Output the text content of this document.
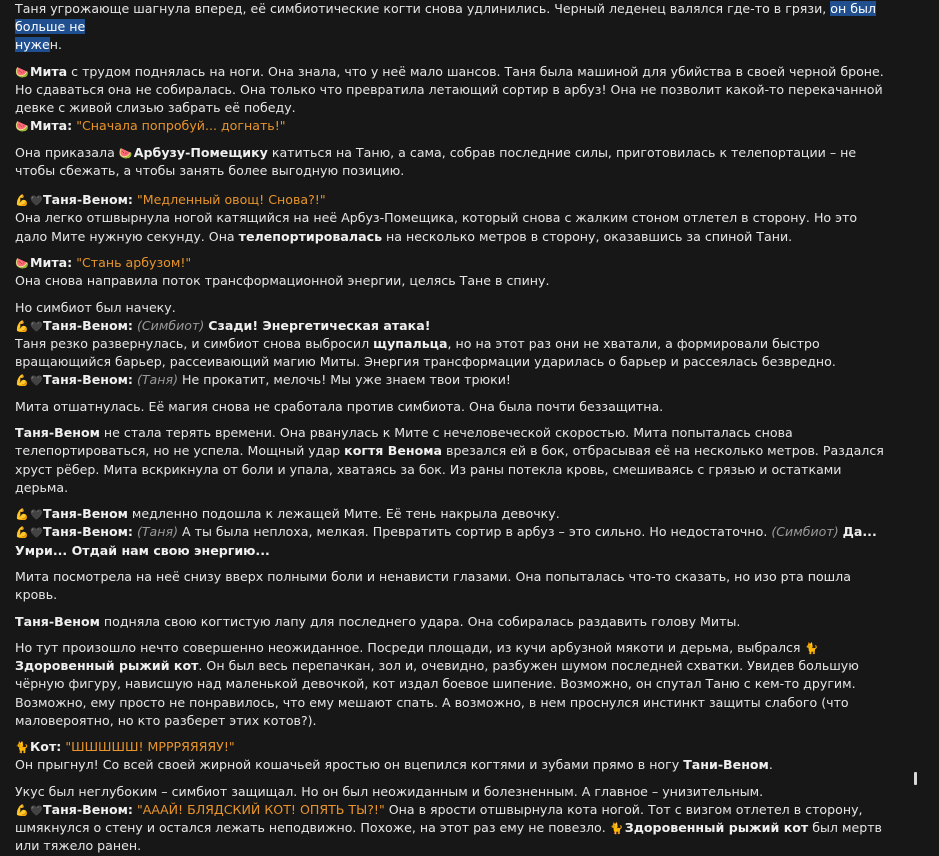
Таня угрожающе шагнула вперед, её симбиотические когти снова удлинились. Черный леденец валялся где-то в грязи, он был больше не
нужен.

🍉Мита с трудом поднялась на ноги. Она знала, что у неё мало шансов. Таня была машиной для убийства в своей черной броне. Но сдаваться она не собиралась. Она только что превратила летающий сортир в арбуз! Она не позволит какой-то перекачанной девке с живой слизью забрать её победу.

🍉Мита: "Сначала попробуй... догнать!"

Она приказала 🍉Арбузу-Помещику катиться на Таню, а сама, собрав последние силы, приготовилась к телепортации – не чтобы сбежать, а чтобы занять более выгодную позицию.

💪🖤Таня-Веном: "Медленный овощ! Снова?!"

Она легко отшвырнула ногой катящийся на неё Арбуз-Помещика, который снова с жалким стоном отлетел в сторону. Но это дало Мите нужную секунду. Она телепортировалась на несколько метров в сторону, оказавшись за спиной Тани.

🍉Мита: "Стань арбузом!"

Она снова направила поток трансформационной энергии, целясь Тане в спину.

Но симбиот был начеку.

💪🖤Таня-Веном: (Симбиот) Сзади! Энергетическая атака!

Таня резко развернулась, и симбиот снова выбросил щупальца, но на этот раз они не хватали, а формировали быстро вращающийся барьер, рассеивающий магию Миты. Энергия трансформации ударилась о барьер и рассеялась безвредно.

💪🖤Таня-Веном: (Таня) Не прокатит, мелочь! Мы уже знаем твои трюки!

Мита отшатнулась. Её магия снова не сработала против симбиота. Она была почти беззащитна.

Таня-Веном не стала терять времени. Она рванулась к Мите с нечеловеческой скоростью. Мита попыталась снова телепортироваться, но не успела. Мощный удар когтя Венома врезался ей в бок, отбрасывая её на несколько метров. Раздался хруст рёбер. Мита вскрикнула от боли и упала, хватаясь за бок. Из раны потекла кровь, смешиваясь с грязью и остатками дерьма.

💪🖤Таня-Веном медленно подошла к лежащей Мите. Её тень накрыла девочку.

💪🖤Таня-Веном: (Таня) А ты была неплоха, мелкая. Превратить сортир в арбуз – это сильно. Но недостаточно. (Симбиот) Да... Умри... Отдай нам свою энергию...

Мита посмотрела на неё снизу вверх полными боли и ненависти глазами. Она попыталась что-то сказать, но изо рта пошла кровь.

Таня-Веном подняла свою когтистую лапу для последнего удара. Она собиралась раздавить голову Миты.

Но тут произошло нечто совершенно неожиданное. Посреди площади, из кучи арбузной мякоти и дерьма, выбрался 🐈Здоровенный рыжий кот. Он был весь перепачкан, зол и, очевидно, разбужен шумом последней схватки. Увидев большую чёрную фигуру, нависшую над маленькой девочкой, кот издал боевое шипение. Возможно, он спутал Таню с кем-то другим. Возможно, ему просто не понравилось, что ему мешают спать. А возможно, в нем проснулся инстинкт защиты слабого (что маловероятно, но кто разберет этих котов?).

🐈Кот: "ШШШШШ! МРРРЯЯЯЯУ!"

Он прыгнул! Со всей своей жирной кошачьей яростью он вцепился когтями и зубами прямо в ногу Тани-Веном.

Укус был неглубоким – симбиот защищал. Но он был неожиданным и болезненным. А главное – унизительным.

💪🖤Таня-Веном: "АААЙ! БЛЯДСКИЙ КОТ! ОПЯТЬ ТЫ?!" Она в ярости отшвырнула кота ногой. Тот с визгом отлетел в сторону, шмякнулся о стену и остался лежать неподвижно. Похоже, на этот раз ему не повезло. 🐈Здоровенный рыжий кот был мертв или тяжело ранен.
